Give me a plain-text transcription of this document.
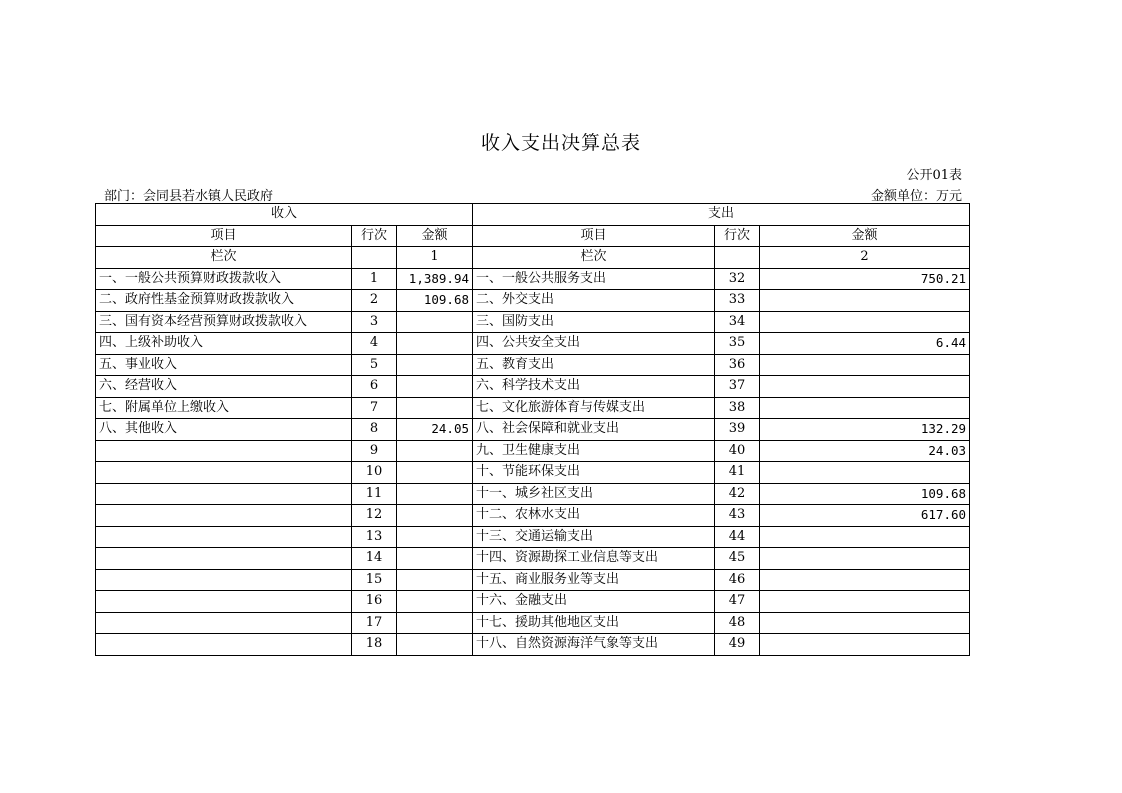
收入支出决算总表
公开01表
部门：会同县若水镇人民政府	金额单位：万元
收入			支出		
项目	行次	金额	项目	行次	金额
栏次		1	栏次		2
一、一般公共预算财政拨款收入	1	1,389.94	一、一般公共服务支出	32	750.21
二、政府性基金预算财政拨款收入	2	109.68	二、外交支出	33	
三、国有资本经营预算财政拨款收入	3		三、国防支出	34	
四、上级补助收入	4		四、公共安全支出	35	6.44
五、事业收入	5		五、教育支出	36	
六、经营收入	6		六、科学技术支出	37	
七、附属单位上缴收入	7		七、文化旅游体育与传媒支出	38	
八、其他收入	8	24.05	八、社会保障和就业支出	39	132.29
	9		九、卫生健康支出	40	24.03
	10		十、节能环保支出	41	
	11		十一、城乡社区支出	42	109.68
	12		十二、农林水支出	43	617.60
	13		十三、交通运输支出	44	
	14		十四、资源勘探工业信息等支出	45	
	15		十五、商业服务业等支出	46	
	16		十六、金融支出	47	
	17		十七、援助其他地区支出	48	
	18		十八、自然资源海洋气象等支出	49	
